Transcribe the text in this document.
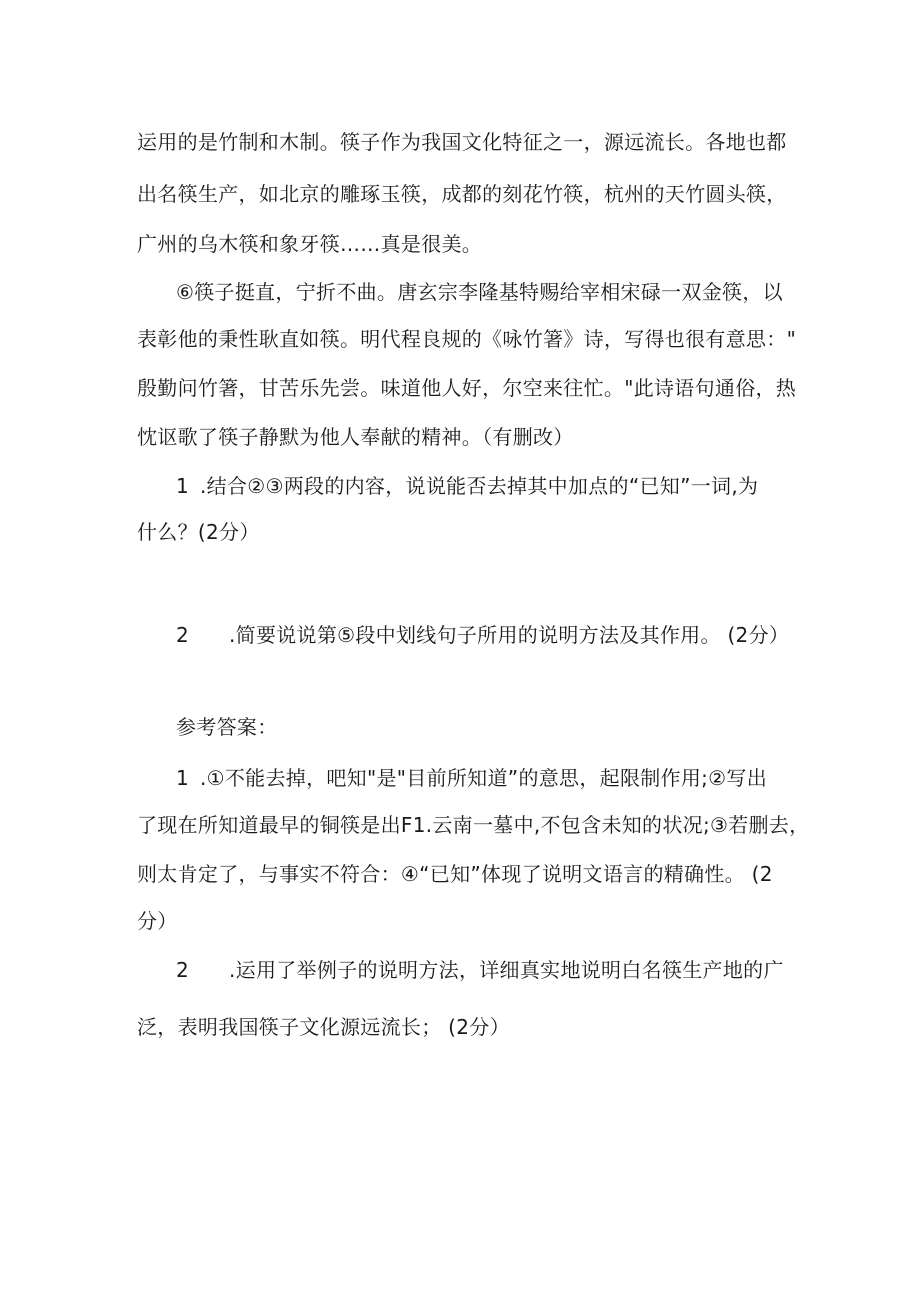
运用的是竹制和木制。筷子作为我国文化特征之一，源远流长。各地也都
出名筷生产，如北京的雕琢玉筷，成都的刻花竹筷，杭州的天竹圆头筷，
广州的乌木筷和象牙筷……真是很美。
⑥筷子挺直，宁折不曲。唐玄宗李隆基特赐给宰相宋碌一双金筷，以
表彰他的秉性耿直如筷。明代程良规的《咏竹箸》诗，写得也很有意思："
殷勤问竹箸，甘苦乐先尝。味道他人好，尔空来往忙。"此诗语句通俗，热
忱讴歌了筷子静默为他人奉献的精神。（有删改）
1 .结合②③两段的内容，说说能否去掉其中加点的“已知”一词,为
什么？(2分）
2 .简要说说第⑤段中划线句子所用的说明方法及其作用。 (2分）
参考答案：
1 .①不能去掉，吧知"是"目前所知道”的意思，起限制作用;②写出
了现在所知道最早的铜筷是出F1.云南一墓中,不包含未知的状况;③若删去，
则太肯定了，与事实不符合：④“已知”体现了说明文语言的精确性。 (2
分）
2 .运用了举例子的说明方法，详细真实地说明白名筷生产地的广
泛，表明我国筷子文化源远流长； (2分）
